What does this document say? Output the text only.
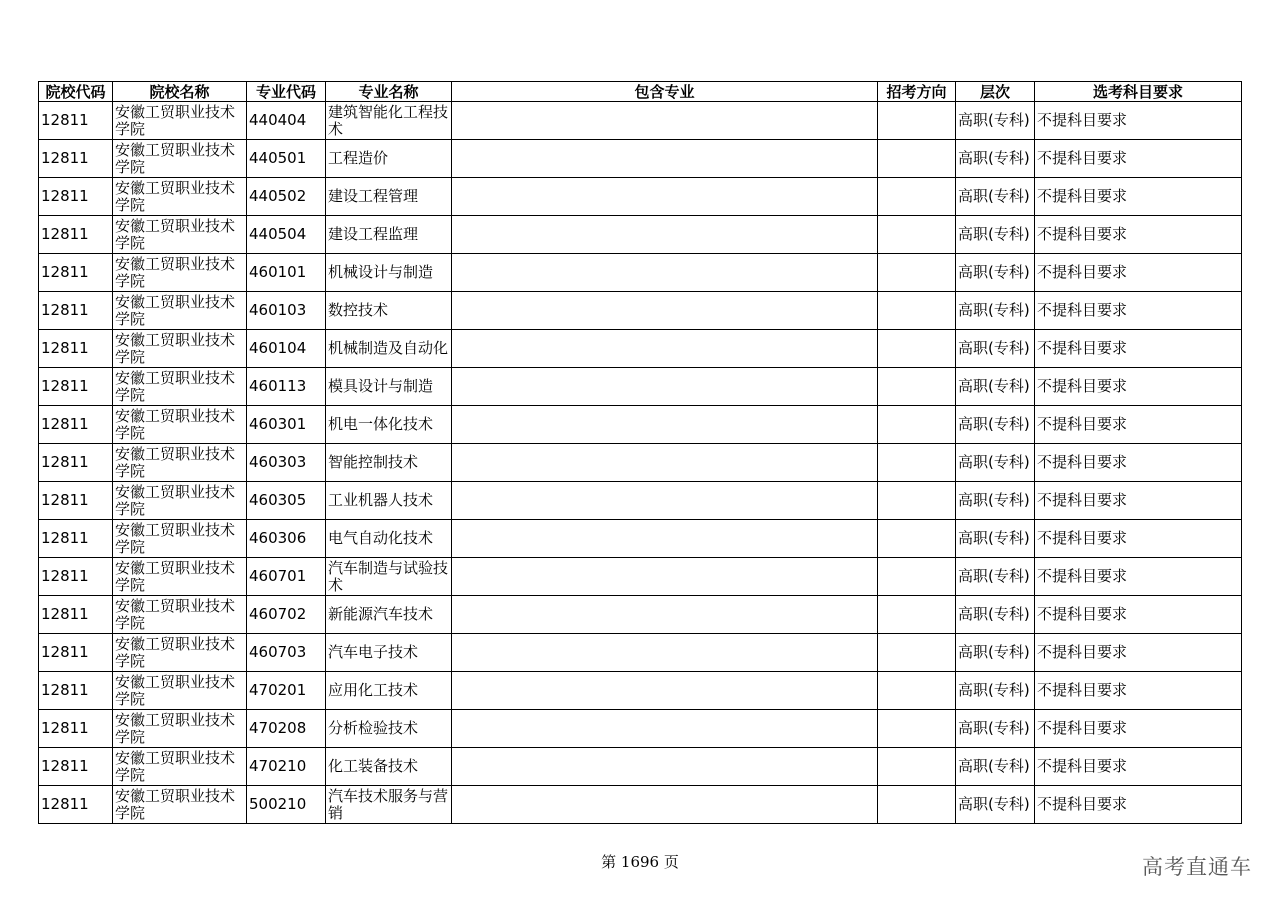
院校代码	院校名称	专业代码	专业名称	包含专业	招考方向	层次	选考科目要求
12811	安徽工贸职业技术学院	440404	建筑智能化工程技术			高职(专科)	不提科目要求
12811	安徽工贸职业技术学院	440501	工程造价			高职(专科)	不提科目要求
12811	安徽工贸职业技术学院	440502	建设工程管理			高职(专科)	不提科目要求
12811	安徽工贸职业技术学院	440504	建设工程监理			高职(专科)	不提科目要求
12811	安徽工贸职业技术学院	460101	机械设计与制造			高职(专科)	不提科目要求
12811	安徽工贸职业技术学院	460103	数控技术			高职(专科)	不提科目要求
12811	安徽工贸职业技术学院	460104	机械制造及自动化			高职(专科)	不提科目要求
12811	安徽工贸职业技术学院	460113	模具设计与制造			高职(专科)	不提科目要求
12811	安徽工贸职业技术学院	460301	机电一体化技术			高职(专科)	不提科目要求
12811	安徽工贸职业技术学院	460303	智能控制技术			高职(专科)	不提科目要求
12811	安徽工贸职业技术学院	460305	工业机器人技术			高职(专科)	不提科目要求
12811	安徽工贸职业技术学院	460306	电气自动化技术			高职(专科)	不提科目要求
12811	安徽工贸职业技术学院	460701	汽车制造与试验技术			高职(专科)	不提科目要求
12811	安徽工贸职业技术学院	460702	新能源汽车技术			高职(专科)	不提科目要求
12811	安徽工贸职业技术学院	460703	汽车电子技术			高职(专科)	不提科目要求
12811	安徽工贸职业技术学院	470201	应用化工技术			高职(专科)	不提科目要求
12811	安徽工贸职业技术学院	470208	分析检验技术			高职(专科)	不提科目要求
12811	安徽工贸职业技术学院	470210	化工装备技术			高职(专科)	不提科目要求
12811	安徽工贸职业技术学院	500210	汽车技术服务与营销			高职(专科)	不提科目要求
第 1696 页	高考直通车
